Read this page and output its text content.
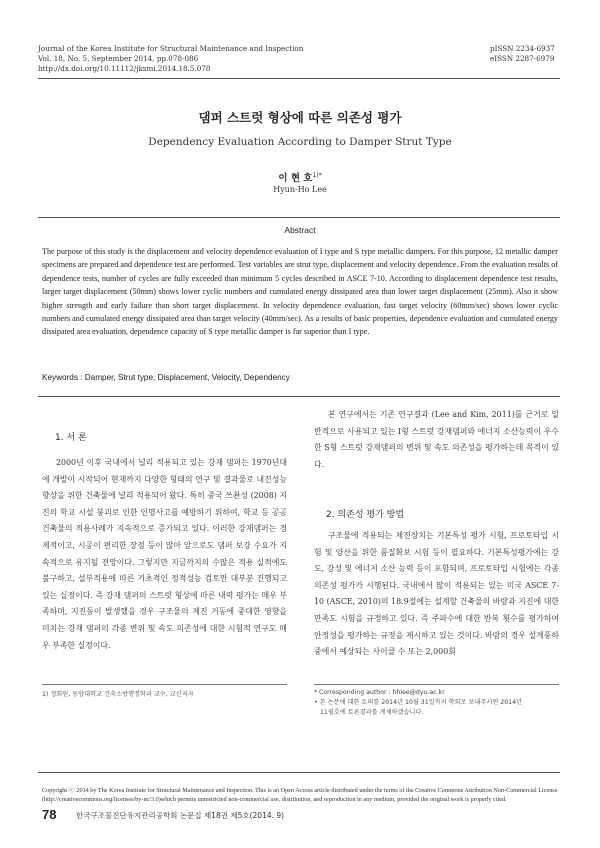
Journal of the Korea Institute for Structural Maintenance and Inspection
Vol. 18, No. 5, September 2014, pp.078-086
http://dx.doi.org/10.11112/jksmi.2014.18.5.078
pISSN 2234-6937
eISSN 2287-6979
댐퍼 스트럿 형상에 따른 의존성 평가
Dependency Evaluation According to Damper Strut Type
이 현 호$^{1)*}$
Hyun-Ho Lee
Abstract
The purpose of this study is the displacement and velocity dependence evaluation of I type and S type metallic dampers. For this purpose, 12 metallic damper specimens are prepared and dependence test are performed. Test variables are strut type, displacement and velocity dependence. From the evaluation results of dependence tests, number of cycles are fully exceeded than minimum 5 cycles described in ASCE 7-10. According to displacement dependence test results, larger target displacement (50mm) shows lower cyclic numbers and cumulated energy dissipated area than lower target displacement (25mm). Also it show higher strength and early failure than short target displacement. In velocity dependence evaluation, fast target velocity (60mm/sec) shows lower cyclic numbers and cumulated energy dissipated area than target velocity (40mm/sec). As a results of basic properties, dependence evaluation and cumulated energy dissipated area evaluation, dependence capacity of S type metallic damper is far superior than I type.
Keywords : Damper, Strut type, Displacement, Velocity, Dependency
1. 서 론
2000년 이후 국내에서 널리 적용되고 있는 강재 댐퍼는 1970년대에 개발이 시작되어 현재까지 다양한 형태의 연구 및 결과물로 내진성능 향상을 위한 건축물에 널리 적용되어 왔다. 특히 중국 쓰촨성 (2008) 지진의 학교 시설 붕괴로 인한 인명사고를 예방하기 위하여, 학교 등 공공건축물의 적용사례가 지속적으로 증가되고 있다. 이러한 강재댐퍼는 경제적이고, 시공이 편리한 장점 등이 많아 앞으로도 댐퍼 보강 수요가 지속적으로 유지될 전망이다. 그렇지만 지금까지의 수많은 적용 실적에도 불구하고, 설부적용에 따른 기초적인 정적성능 검토만 대부분 진행되고 있는 실정이다. 즉 강재 댐퍼의 스트럿 형상에 따른 내력 평가는 매우 부족하며, 지진동이 발생했을 경우 구조물의 제진 거동에 중대한 영향을 미치는 강재 댐퍼의 각종 변위 및 속도 의존성에 대한 시험적 연구도 매우 부족한 실정이다.
1) 정회원, 동양대학교 건축소방행정학과 교수, 교신저자
본 연구에서는 기존 연구결과 (Lee and Kim, 2011)를 근거로 일반적으로 사용되고 있는 I형 스트럿 강재댐퍼와 에너지 소산능력이 우수한 S형 스트럿 강재댐퍼의 변위 및 속도 의존성을 평가하는데 목적이 있다.
2. 의존성 평가 방법
구조물에 적용되는 제진장치는 기본특성 평가 시험, 프로토타입 시험 및 양산을 위한 품질확보 시험 등이 필요하다. 기본특성평가에는 강도, 강성 및 에너지 소산 능력 등이 포함되며, 프로토타입 시험에는 각종 의존성 평가가 시행된다. 국내에서 많이 적용되는 있는 미국 ASCE 7-10 (ASCE, 2010)의 18.9절에는 설계할 건축물의 바람과 지진에 대한 만족도 시험을 규정하고 있다. 즉 주파수에 대한 반복 횟수를 평가하여 안정성을 평가하는 규정을 제시하고 있는 것이다. 바람의 경우 설계풍하중에서 예상되는 사이클 수 또는 2,000회
* Corresponding author : hhlee@dyu.ac.kr
• 본 논문에 대한 토의를 2014년 10월 31일까지 학회로 보내주시면 2014년
11월호에 토론결과를 게재하겠습니다.
Copyright ⓒ 2014 by The Korea Institute for Structural Maintenance and Inspection. This is an Open Access article distributed under the terms of the Creative Commons Attribution Non-Commercial License (http://creativecommons.org/licenses/by-nc/3.0)which permits unrestricted non-commercial use, distribution, and reproduction in any medium, provided the original work is properly cited.
78	한국구조물진단유지관리공학회 논문집 제18권 제5호(2014. 9)
